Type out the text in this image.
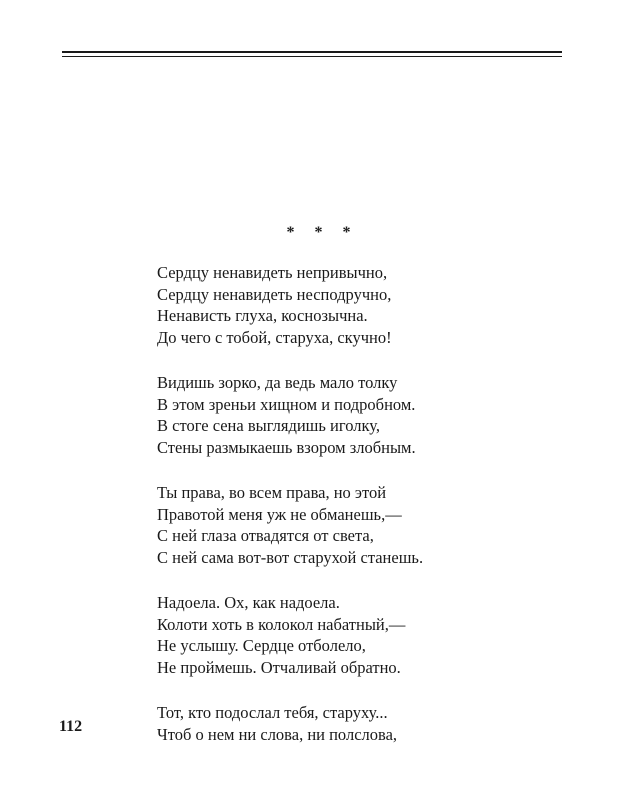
* * *
Сердцу ненавидеть непривычно,
Сердцу ненавидеть несподручно,
Ненависть глуха, коснозычна.
До чего с тобой, старуха, скучно!
Видишь зорко, да ведь мало толку
В этом зреньи хищном и подробном.
В стоге сена выглядишь иголку,
Стены размыкаешь взором злобным.
Ты права, во всем права, но этой
Правотой меня уж не обманешь,—
С ней глаза отвадятся от света,
С ней сама вот-вот старухой станешь.
Надоела. Ох, как надоела.
Колоти хоть в колокол набатный,—
Не услышу. Сердце отболело,
Не проймешь. Отчаливай обратно.
Тот, кто подослал тебя, старуху...
Чтоб о нем ни слова, ни полслова,
112
